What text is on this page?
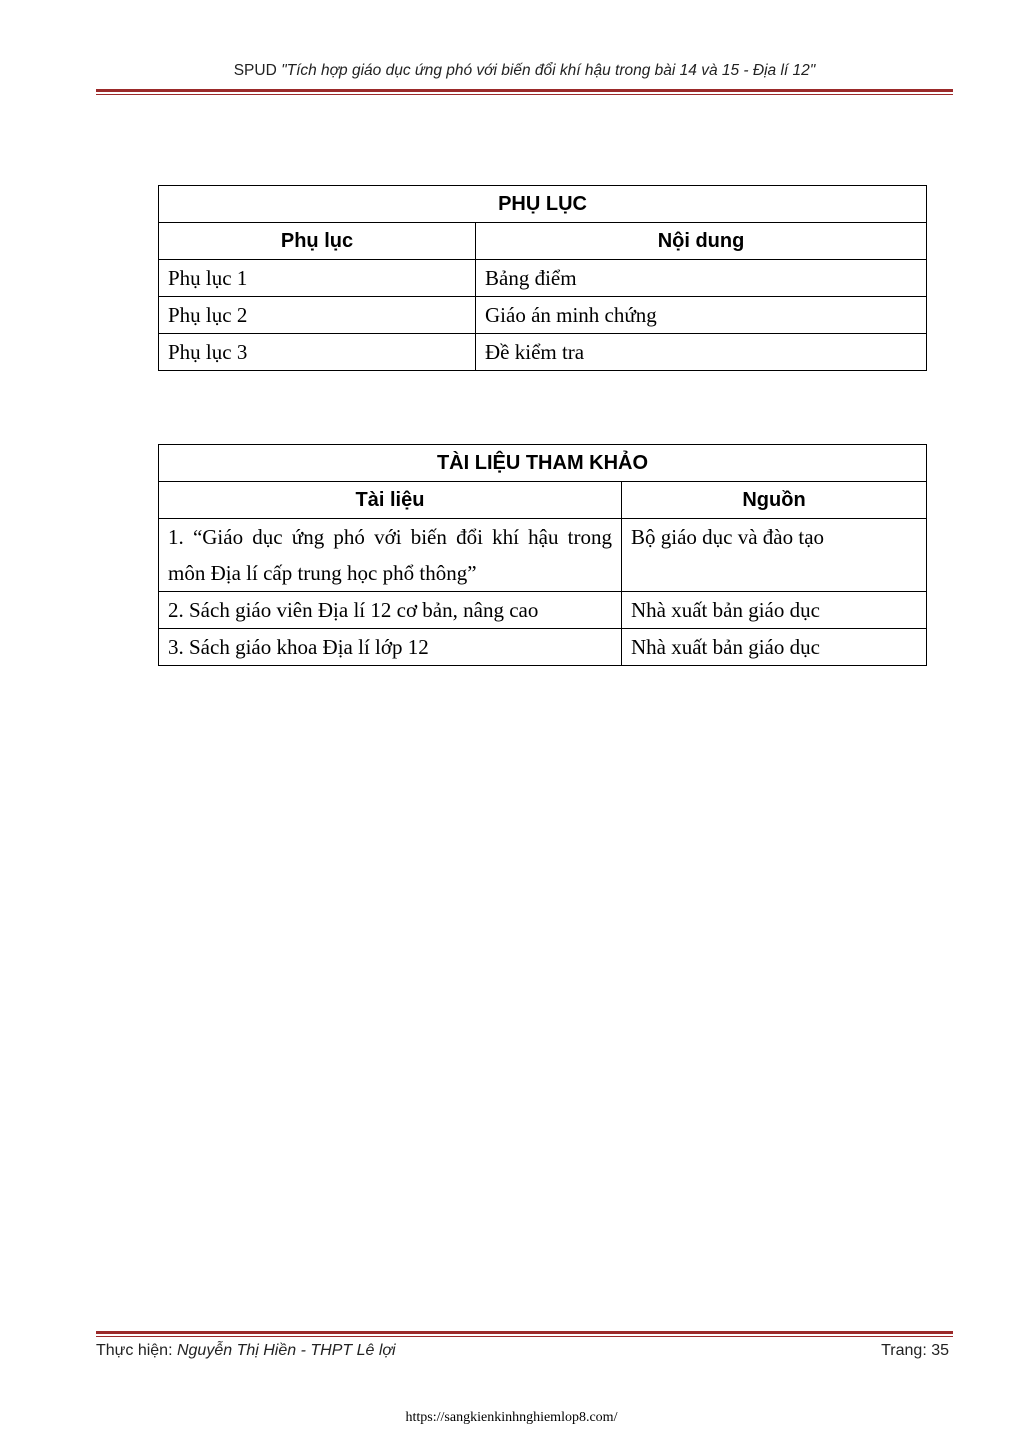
SPUD "Tích hợp giáo dục ứng phó với biến đổi khí hậu trong bài 14 và 15 - Địa lí 12"
PHỤ LỤC	
Phụ lục	Nội dung
Phụ lục 1	Bảng điểm
Phụ lục 2	Giáo án minh chứng
Phụ lục 3	Đề kiểm tra
TÀI LIỆU THAM KHẢO	
Tài liệu	Nguồn
1. “Giáo dục ứng phó với biến đổi khí hậu trong môn Địa lí cấp trung học phổ thông”	Bộ giáo dục và đào tạo
2. Sách giáo viên Địa lí 12 cơ bản, nâng cao	Nhà xuất bản giáo dục
3. Sách giáo khoa Địa lí lớp 12	Nhà xuất bản giáo dục
Thực hiện: Nguyễn Thị Hiền - THPT Lê lợi	Trang: 35
https://sangkienkinhnghiemlop8.com/
